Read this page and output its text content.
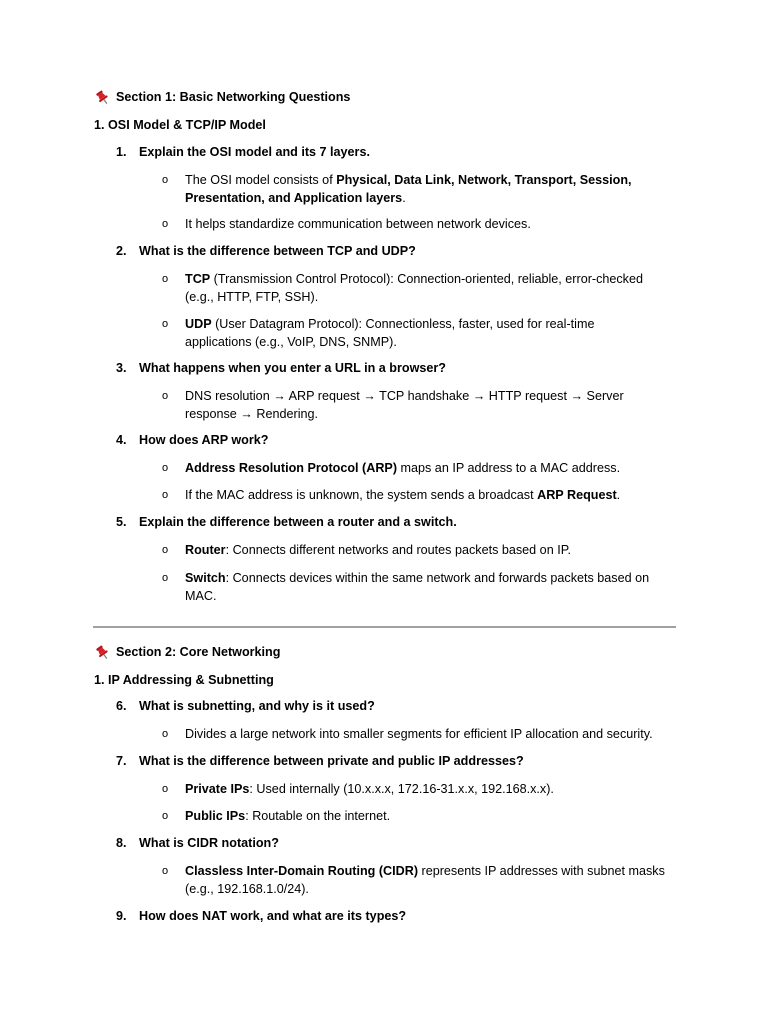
Section 1: Basic Networking Questions
1. OSI Model & TCP/IP Model
1. Explain the OSI model and its 7 layers.
o	The OSI model consists of Physical, Data Link, Network, Transport, Session,
Presentation, and Application layers.
o	It helps standardize communication between network devices.
2. What is the difference between TCP and UDP?
o	TCP (Transmission Control Protocol): Connection-oriented, reliable, error-checked
(e.g., HTTP, FTP, SSH).
o	UDP (User Datagram Protocol): Connectionless, faster, used for real-time
applications (e.g., VoIP, DNS, SNMP).
3. What happens when you enter a URL in a browser?
o	DNS resolution → ARP request → TCP handshake → HTTP request → Server
response → Rendering.
4. How does ARP work?
o	Address Resolution Protocol (ARP) maps an IP address to a MAC address.
o	If the MAC address is unknown, the system sends a broadcast ARP Request.
5. Explain the difference between a router and a switch.
o	Router: Connects different networks and routes packets based on IP.
o	Switch: Connects devices within the same network and forwards packets based on
MAC.
Section 2: Core Networking
1. IP Addressing & Subnetting
6. What is subnetting, and why is it used?
o	Divides a large network into smaller segments for efficient IP allocation and security.
7. What is the difference between private and public IP addresses?
o	Private IPs: Used internally (10.x.x.x, 172.16-31.x.x, 192.168.x.x).
o	Public IPs: Routable on the internet.
8. What is CIDR notation?
o	Classless Inter-Domain Routing (CIDR) represents IP addresses with subnet masks
(e.g., 192.168.1.0/24).
9. How does NAT work, and what are its types?
